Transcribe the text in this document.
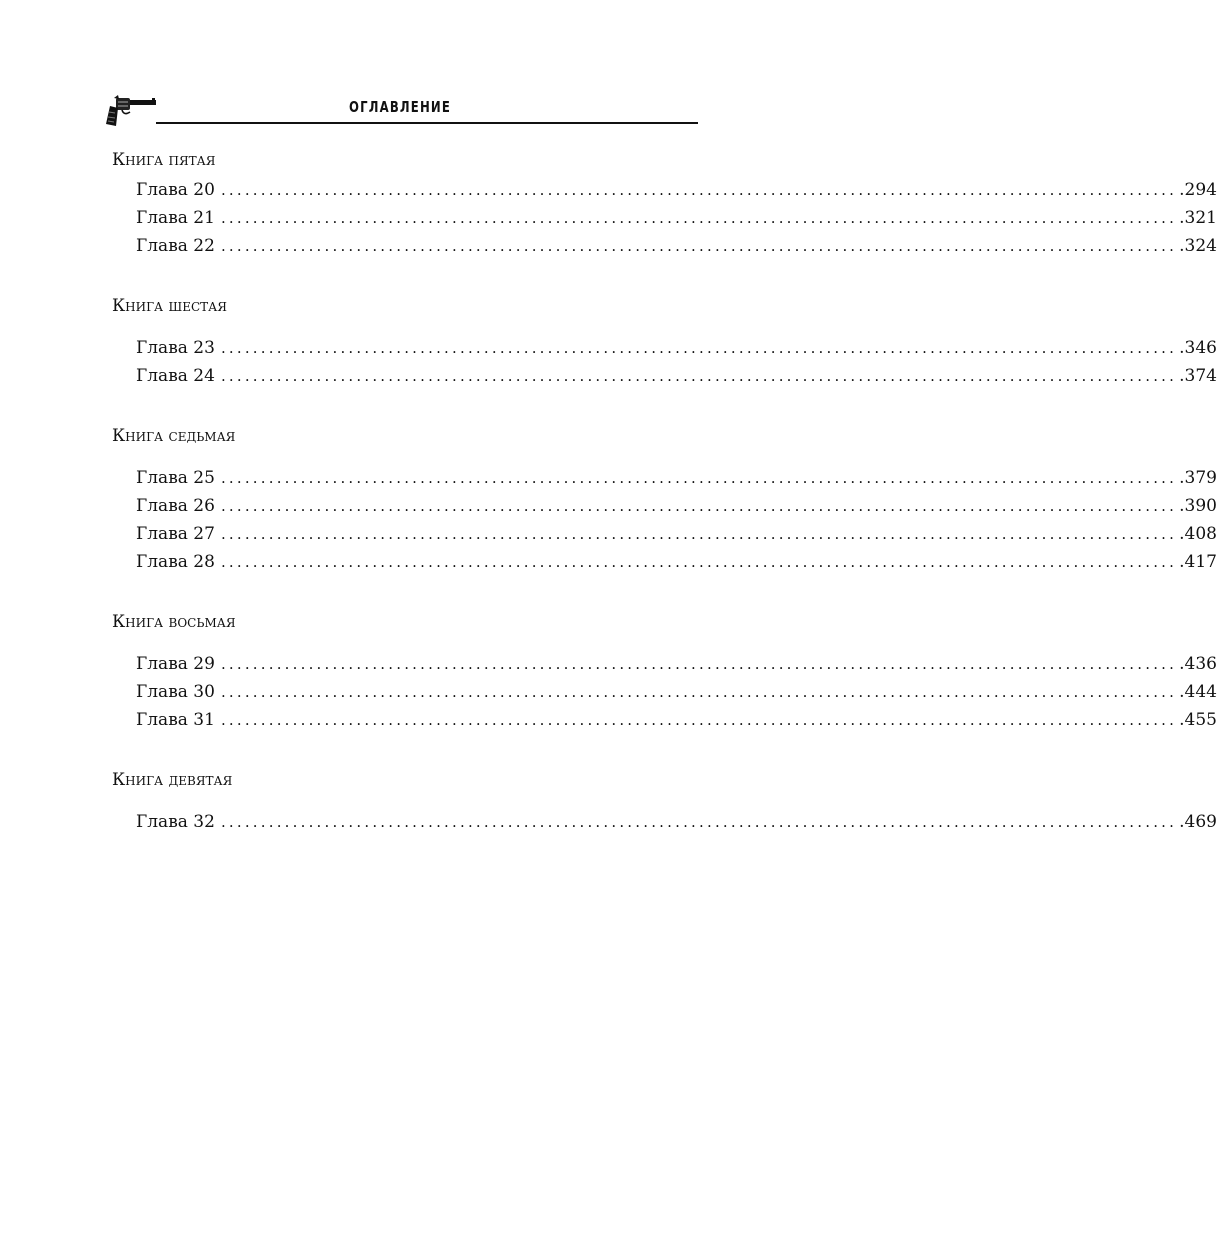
ОГЛАВЛЕНИЕ
Книга пятая
Глава 20 ........................................................................................................................ .294
Глава 21 ........................................................................................................................ .321
Глава 22 ........................................................................................................................ .324
Книга шестая
Глава 23 ........................................................................................................................ .346
Глава 24 ........................................................................................................................ .374
Книга седьмая
Глава 25 ........................................................................................................................ .379
Глава 26 ........................................................................................................................ .390
Глава 27 ........................................................................................................................ .408
Глава 28 ........................................................................................................................ .417
Книга восьмая
Глава 29 ........................................................................................................................ .436
Глава 30 ........................................................................................................................ .444
Глава 31 ........................................................................................................................ .455
Книга девятая
Глава 32 ........................................................................................................................ .469
